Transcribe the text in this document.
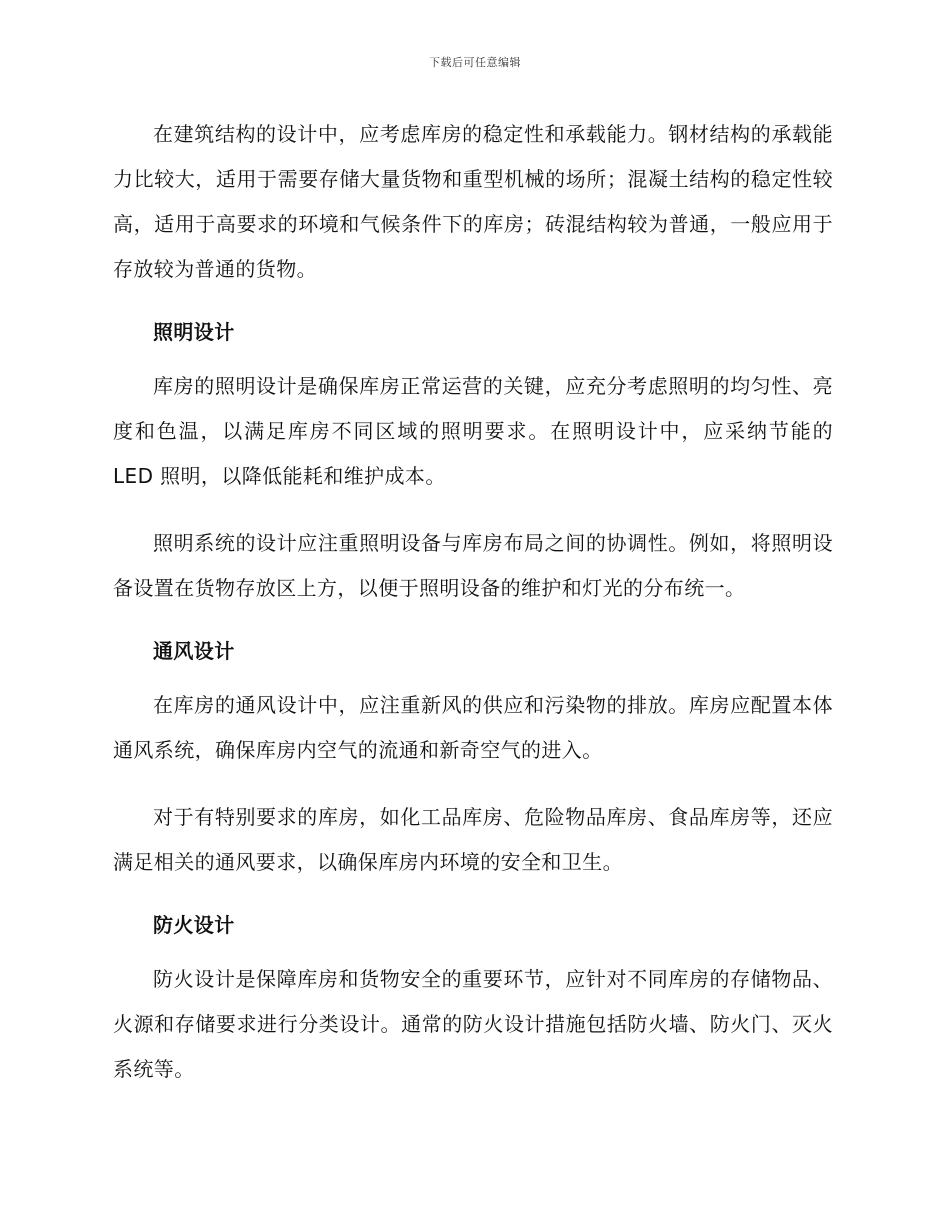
下载后可任意编辑

在建筑结构的设计中，应考虑库房的稳定性和承载能力。钢材结构的承载能力比较大，适用于需要存储大量货物和重型机械的场所；混凝土结构的稳定性较高，适用于高要求的环境和气候条件下的库房；砖混结构较为普通，一般应用于存放较为普通的货物。

照明设计

库房的照明设计是确保库房正常运营的关键，应充分考虑照明的均匀性、亮度和色温，以满足库房不同区域的照明要求。在照明设计中，应采纳节能的 LED 照明，以降低能耗和维护成本。

照明系统的设计应注重照明设备与库房布局之间的协调性。例如，将照明设备设置在货物存放区上方，以便于照明设备的维护和灯光的分布统一。

通风设计

在库房的通风设计中，应注重新风的供应和污染物的排放。库房应配置本体通风系统，确保库房内空气的流通和新奇空气的进入。

对于有特别要求的库房，如化工品库房、危险物品库房、食品库房等，还应满足相关的通风要求，以确保库房内环境的安全和卫生。

防火设计

防火设计是保障库房和货物安全的重要环节，应针对不同库房的存储物品、火源和存储要求进行分类设计。通常的防火设计措施包括防火墙、防火门、灭火系统等。
